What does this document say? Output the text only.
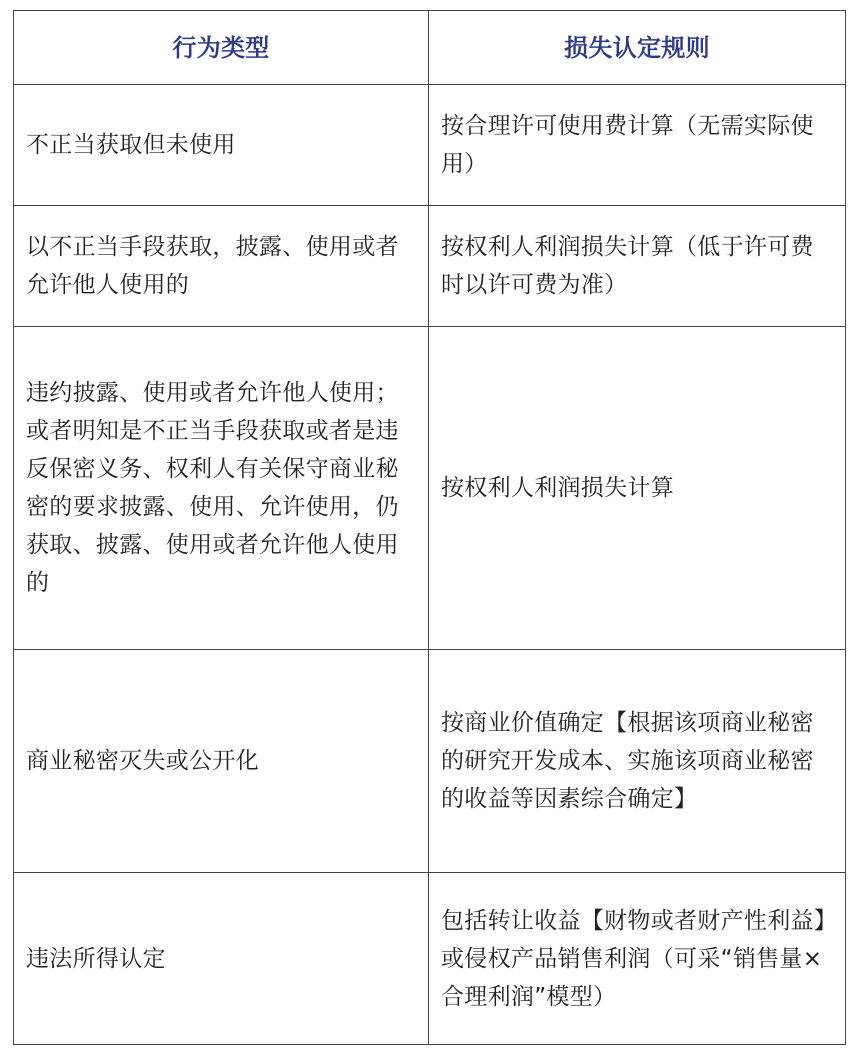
行为类型	损失认定规则
不正当获取但未使用	按合理许可使用费计算（无需实际使用）
以不正当手段获取，披露、使用或者允许他人使用的	按权利人利润损失计算（低于许可费时以许可费为准）
违约披露、使用或者允许他人使用；或者明知是不正当手段获取或者是违反保密义务、权利人有关保守商业秘密的要求披露、使用、允许使用，仍获取、披露、使用或者允许他人使用的	按权利人利润损失计算
商业秘密灭失或公开化	按商业价值确定【根据该项商业秘密的研究开发成本、实施该项商业秘密的收益等因素综合确定】
违法所得认定	包括转让收益【财物或者财产性利益】或侵权产品销售利润（可采“销售量×合理利润”模型）
